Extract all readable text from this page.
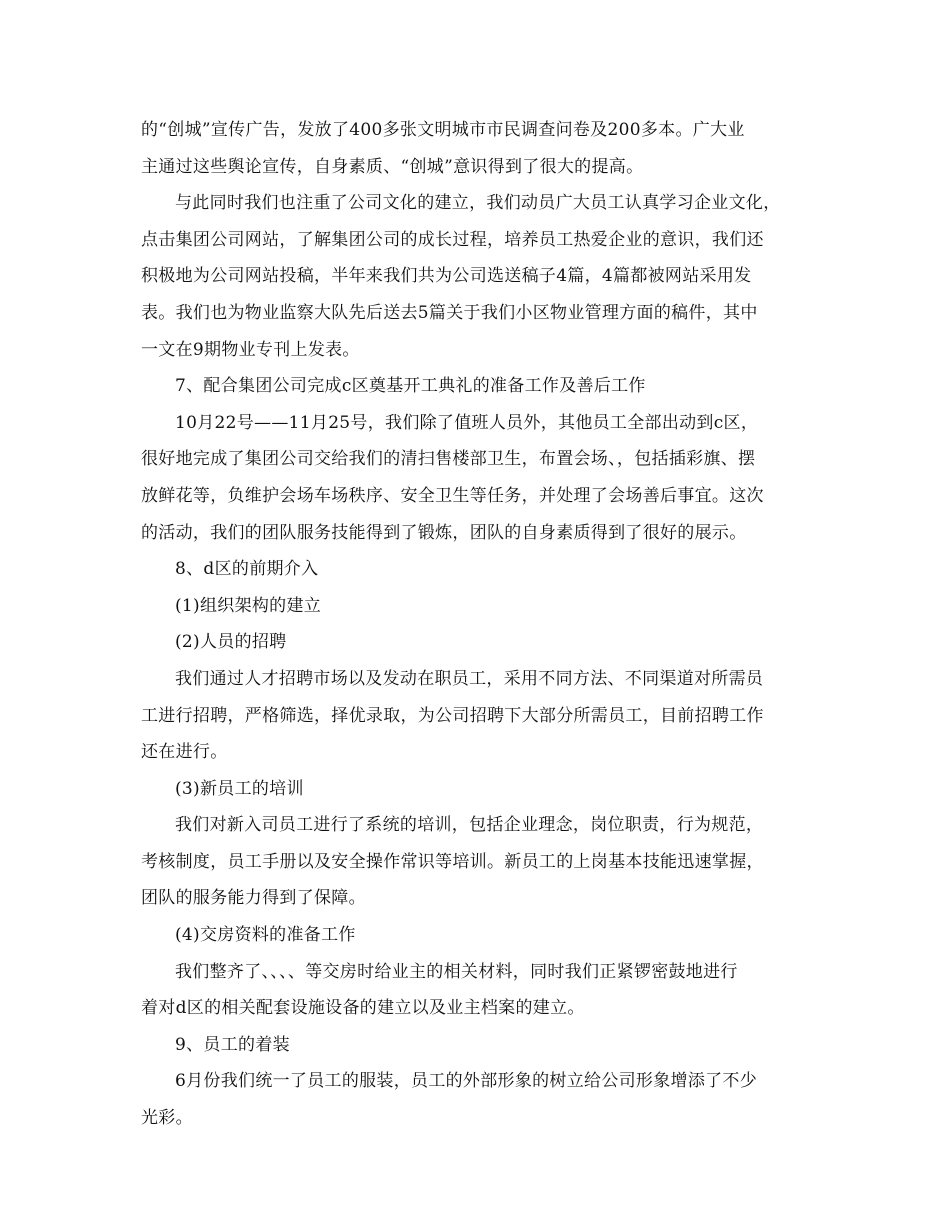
的“创城”宣传广告，发放了400多张文明城市市民调查问卷及200多本。广大业
主通过这些舆论宣传，自身素质、“创城”意识得到了很大的提高。
与此同时我们也注重了公司文化的建立，我们动员广大员工认真学习企业文化，
点击集团公司网站，了解集团公司的成长过程，培养员工热爱企业的意识，我们还
积极地为公司网站投稿，半年来我们共为公司选送稿子4篇，4篇都被网站采用发
表。我们也为物业监察大队先后送去5篇关于我们小区物业管理方面的稿件，其中
一文在9期物业专刊上发表。
7、配合集团公司完成c区奠基开工典礼的准备工作及善后工作
10月22号——11月25号，我们除了值班人员外，其他员工全部出动到c区，
很好地完成了集团公司交给我们的清扫售楼部卫生，布置会场、，包括插彩旗、摆
放鲜花等，负维护会场车场秩序、安全卫生等任务，并处理了会场善后事宜。这次
的活动，我们的团队服务技能得到了锻炼，团队的自身素质得到了很好的展示。
8、d区的前期介入
(1)组织架构的建立
(2)人员的招聘
我们通过人才招聘市场以及发动在职员工，采用不同方法、不同渠道对所需员
工进行招聘，严格筛选，择优录取，为公司招聘下大部分所需员工，目前招聘工作
还在进行。
(3)新员工的培训
我们对新入司员工进行了系统的培训，包括企业理念，岗位职责，行为规范，
考核制度，员工手册以及安全操作常识等培训。新员工的上岗基本技能迅速掌握，
团队的服务能力得到了保障。
(4)交房资料的准备工作
我们整齐了、、、、等交房时给业主的相关材料，同时我们正紧锣密鼓地进行
着对d区的相关配套设施设备的建立以及业主档案的建立。
9、员工的着装
6月份我们统一了员工的服装，员工的外部形象的树立给公司形象增添了不少
光彩。
